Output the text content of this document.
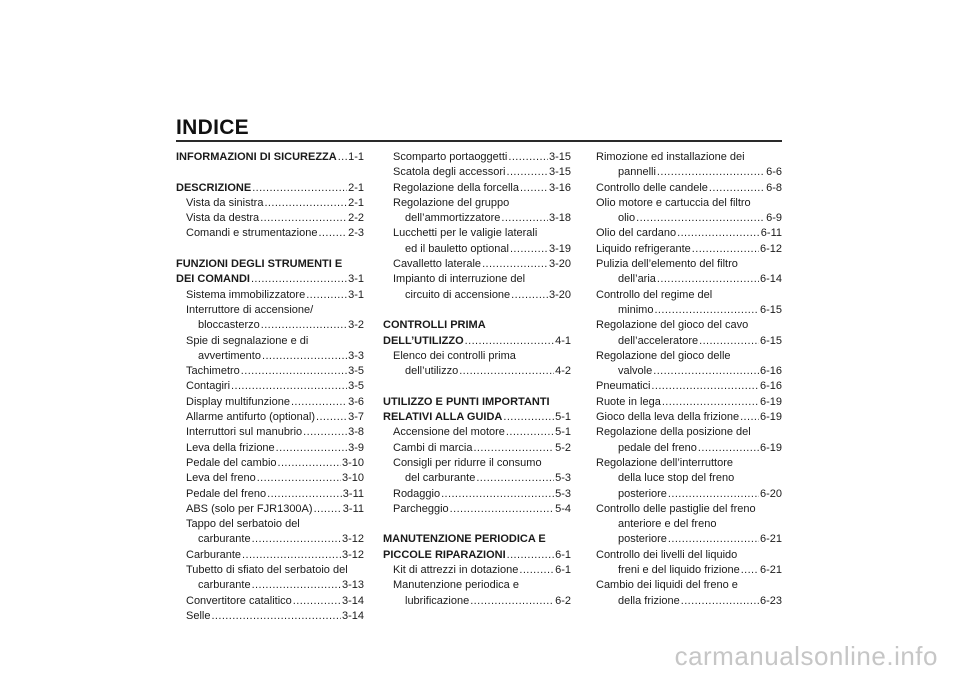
INDICE
INFORMAZIONI DI SICUREZZA ..... 1-1
DESCRIZIONE .....	2-1
Vista da sinistra .....	2-1
Vista da destra .....	2-2
Comandi e strumentazione .....	2-3
FUNZIONI DEGLI STRUMENTI E
DEI COMANDI .....	3-1
Sistema immobilizzatore .....	3-1
Interruttore di accensione/
bloccasterzo .....	3-2
Spie di segnalazione e di
avvertimento .....	3-3
Tachimetro .....	3-5
Contagiri .....	3-5
Display multifunzione .....	3-6
Allarme antifurto (optional) .....	3-7
Interruttori sul manubrio .....	3-8
Leva della frizione .....	3-9
Pedale del cambio .....	3-10
Leva del freno .....	3-10
Pedale del freno .....	3-11
ABS (solo per FJR1300A) .....	3-11
Tappo del serbatoio del
carburante .....	3-12
Carburante .....	3-12
Tubetto di sfiato del serbatoio del
carburante .....	3-13
Convertitore catalitico .....	3-14
Selle .....	3-14
Scomparto portaoggetti .....	3-15
Scatola degli accessori .....	3-15
Regolazione della forcella .....	3-16
Regolazione del gruppo
dell’ammortizzatore .....	3-18
Lucchetti per le valigie laterali
ed il bauletto optional .....	3-19
Cavalletto laterale .....	3-20
Impianto di interruzione del
circuito di accensione .....	3-20
CONTROLLI PRIMA
DELL’UTILIZZO .....	4-1
Elenco dei controlli prima
dell’utilizzo .....	4-2
UTILIZZO E PUNTI IMPORTANTI
RELATIVI ALLA GUIDA .....	5-1
Accensione del motore .....	5-1
Cambi di marcia .....	5-2
Consigli per ridurre il consumo
del carburante .....	5-3
Rodaggio .....	5-3
Parcheggio .....	5-4
MANUTENZIONE PERIODICA E
PICCOLE RIPARAZIONI .....	6-1
Kit di attrezzi in dotazione .....	6-1
Manutenzione periodica e
lubrificazione .....	6-2
Rimozione ed installazione dei
pannelli .....	6-6
Controllo delle candele .....	6-8
Olio motore e cartuccia del filtro
olio .....	6-9
Olio del cardano .....	6-11
Liquido refrigerante .....	6-12
Pulizia dell’elemento del filtro
dell’aria .....	6-14
Controllo del regime del
minimo .....	6-15
Regolazione del gioco del cavo
dell’acceleratore .....	6-15
Regolazione del gioco delle
valvole .....	6-16
Pneumatici .....	6-16
Ruote in lega .....	6-19
Gioco della leva della frizione ..... 6-19
Regolazione della posizione del
pedale del freno .....	6-19
Regolazione dell’interruttore
della luce stop del freno
posteriore .....	6-20
Controllo delle pastiglie del freno
anteriore e del freno
posteriore .....	6-21
Controllo dei livelli del liquido
freni e del liquido frizione ..... 6-21
Cambio dei liquidi del freno e
della frizione .....	6-23
carmanualsonline.info
